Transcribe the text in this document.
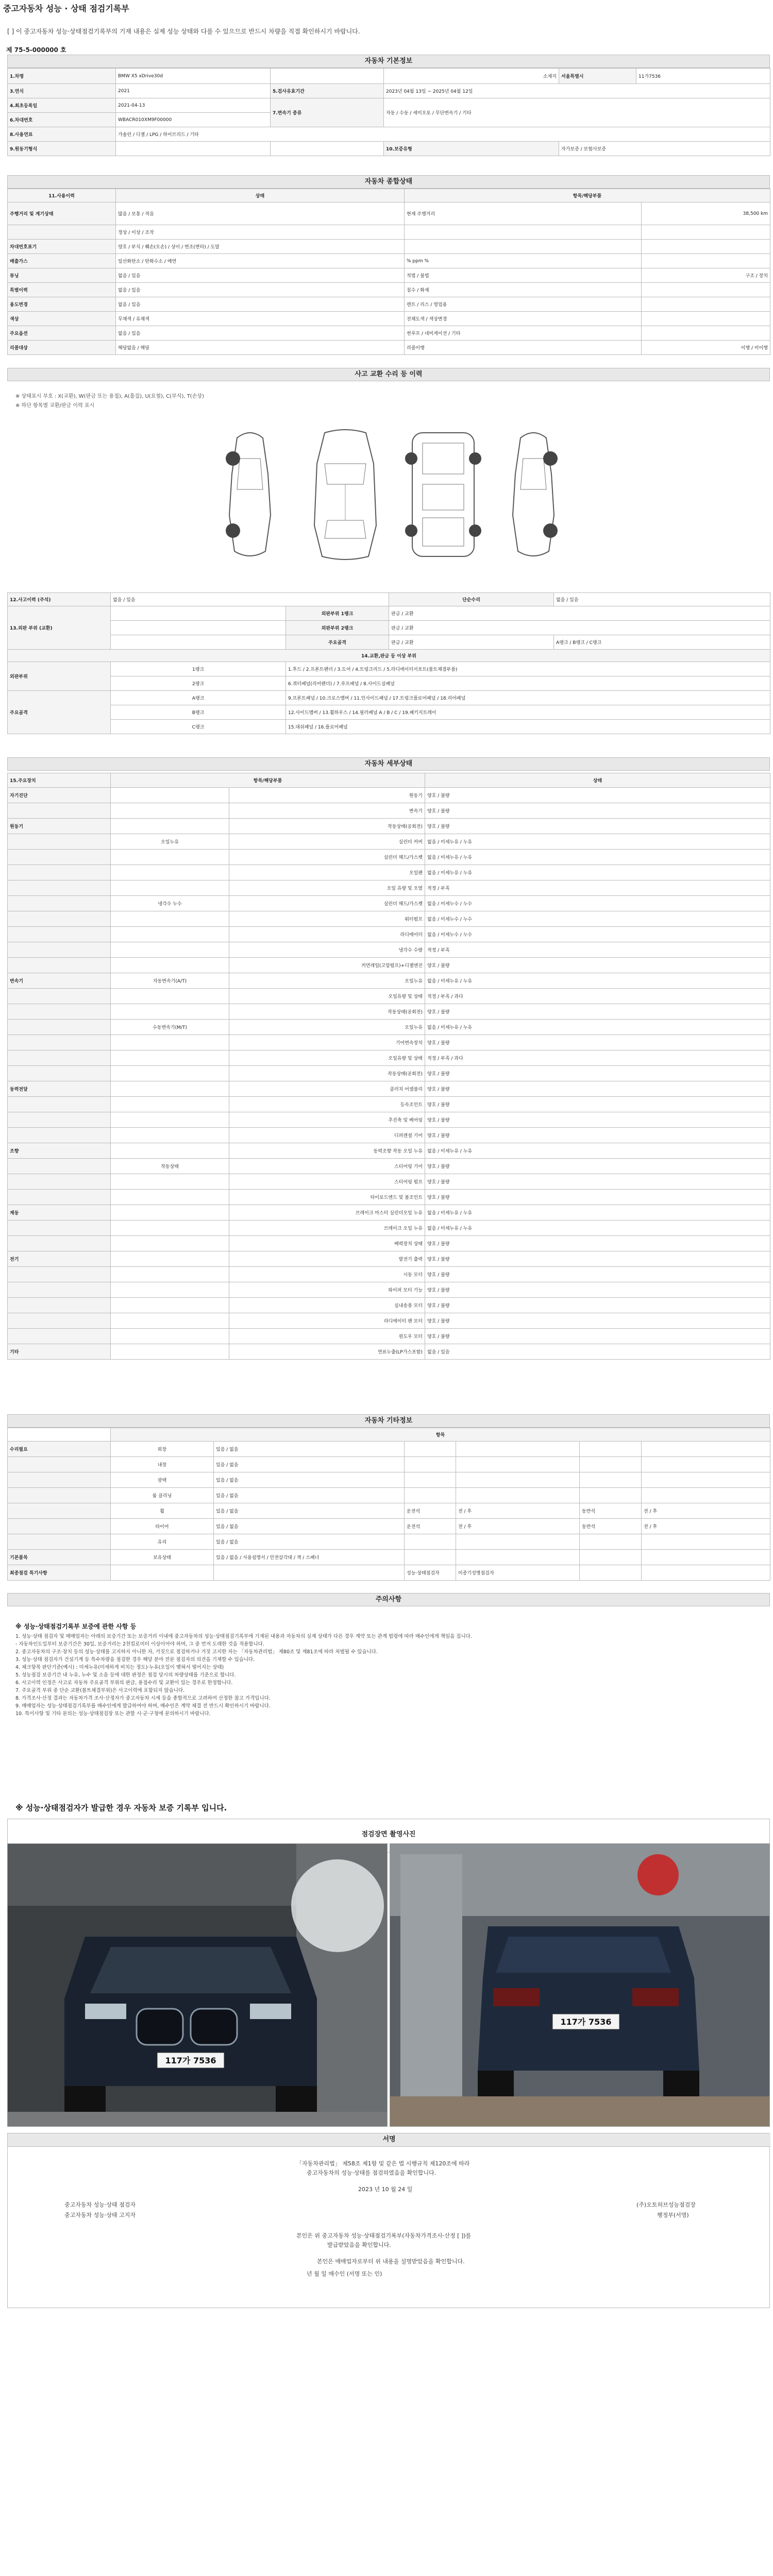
중고자동차 성능 · 상태 점검기록부
[ ] 이 중고자동차 성능·상태점검기록부의 기재 내용은 실제 성능 상태와 다를 수 있으므로 반드시 차량을 직접 확인하시기 바랍니다.
제 75-5-000000 호
자동차 기본정보
1.차명	BMW X5 xDrive30d		소재지	서울특별시	11가7536
3.연식	2021	5.검사유효기간	2023년 04월 13일 ~ 2025년 04월 12일		
4.최초등록일	2021-04-13	7.변속기 종류	자동 / 수동 / 세미오토 / 무단변속기 / 기타		
6.차대번호	WBACR010XM9F00000				
8.사용연료	가솔린 / 디젤 / LPG / 하이브리드 / 기타				
9.원동기형식			10.보증유형	자가보증 / 보험사보증	
자동차 종합상태
11.사용이력	상태	항목/해당부품	
주행거리 및 계기상태	많음 / 보통 / 적음	현재 주행거리	38,500 km
	정상 / 이상 / 조작		
차대번호표기	양호 / 부식 / 훼손(오손) / 상이 / 변조(변타) / 도말		
배출가스	일산화탄소 / 탄화수소 / 매연	% ppm %	
튜닝	없음 / 있음	적법 / 불법	구조 / 장치
특별이력	없음 / 있음	침수 / 화재	
용도변경	없음 / 있음	렌트 / 리스 / 영업용	
색상	무채색 / 유채색	전체도색 / 색상변경	
주요옵션	없음 / 있음	썬루프 / 네비게이션 / 기타	
리콜대상	해당없음 / 해당	리콜이행	이행 / 미이행
사고 교환 수리 등 이력
※ 상태표시 부호 : X(교환), W(판금 또는 용접), A(흠집), U(요철), C(부식), T(손상)
※ 하단 항목별 교환/판금 이력 표시
12.사고이력 (주석)	없음 / 있음		단순수리	없음 / 있음
13.외판 부위 (교환)		외판부위 1랭크	판금 / 교환	
		외판부위 2랭크	판금 / 교환	
		주요골격	판금 / 교환	A랭크 / B랭크 / C랭크
14.교환,판금 등 이상 부위				
외판부위	1랭크	1.후드 / 2.프론트펜더 / 3.도어 / 4.트렁크리드 / 5.라디에이터서포트(볼트체결부품)		
	2랭크	6.쿼터패널(리어펜더) / 7.루프패널 / 8.사이드실패널		
주요골격	A랭크	9.프론트패널 / 10.크로스멤버 / 11.인사이드패널 / 17.트렁크플로어패널 / 18.리어패널		
	B랭크	12.사이드멤버 / 13.휠하우스 / 14.필러패널 A / B / C / 19.패키지트레이		
	C랭크	15.대쉬패널 / 16.플로어패널		
자동차 세부상태
15.주요장치	항목/해당부품		상태
자기진단		원동기	양호 / 불량
		변속기	양호 / 불량
원동기		작동상태(공회전)	양호 / 불량
	오일누유	실린더 커버	없음 / 미세누유 / 누유
		실린더 헤드/가스켓	없음 / 미세누유 / 누유
		오일팬	없음 / 미세누유 / 누유
		오일 유량 및 오염	적정 / 부족
	냉각수 누수	실린더 헤드/가스켓	없음 / 미세누수 / 누수
		워터펌프	없음 / 미세누수 / 누수
		라디에이터	없음 / 미세누수 / 누수
		냉각수 수량	적정 / 부족
		커먼레일(고압펌프)+디젤엔진	양호 / 불량
변속기	자동변속기(A/T)	오일누유	없음 / 미세누유 / 누유
		오일유량 및 상태	적정 / 부족 / 과다
		작동상태(공회전)	양호 / 불량
	수동변속기(M/T)	오일누유	없음 / 미세누유 / 누유
		기어변속장치	양호 / 불량
		오일유량 및 상태	적정 / 부족 / 과다
		작동상태(공회전)	양호 / 불량
동력전달		클러치 어셈블리	양호 / 불량
		등속조인트	양호 / 불량
		추진축 및 베어링	양호 / 불량
		디퍼렌셜 기어	양호 / 불량
조향		동력조향 작동 오일 누유	없음 / 미세누유 / 누유
	작동상태	스티어링 기어	양호 / 불량
		스티어링 펌프	양호 / 불량
		타이로드엔드 및 볼조인트	양호 / 불량
제동		브레이크 마스터 실린더오일 누유	없음 / 미세누유 / 누유
		브레이크 오일 누유	없음 / 미세누유 / 누유
		배력장치 상태	양호 / 불량
전기		발전기 출력	양호 / 불량
		시동 모터	양호 / 불량
		와이퍼 모터 기능	양호 / 불량
		실내송풍 모터	양호 / 불량
		라디에이터 팬 모터	양호 / 불량
		윈도우 모터	양호 / 불량
기타		연료누출(LP가스포함)	없음 / 있음
자동차 기타정보
	항목					
수리필요	외장	있음 / 없음				
	내장	있음 / 없음				
	광택	있음 / 없음				
	룸 클리닝	있음 / 없음				
	휠	있음 / 없음	운전석	전 / 후	동반석	전 / 후
	타이어	있음 / 없음	운전석	전 / 후	동반석	전 / 후
	유리	있음 / 없음				
기본품목	보유상태	있음 / 없음 / 사용설명서 / 안전삼각대 / 잭 / 스패너				
최종점검 특기사항			성능·상태점검자	이종기성명점검자		
주의사항
※ 성능·상태점검기록부 보증에 관한 사항 등

1. 성능·상태 점검자 및 매매업자는 아래의 보증기간 또는 보증거리 이내에 중고자동차의 성능·상태점검기록부에 기재된 내용과 자동차의 실제 상태가 다른 경우 계약 또는 관계 법령에 따라 매수인에게 책임을 집니다.

- 자동차인도일부터 보증기간은 30일, 보증거리는 2천킬로미터 이상이어야 하며, 그 중 먼저 도래한 것을 적용합니다.

2. 중고자동차의 구조·장치 등의 성능·상태를 고지하지 아니한 자, 거짓으로 점검하거나 거짓 고지한 자는 「자동차관리법」 제80조 및 제81조에 따라 처벌될 수 있습니다.

3. 성능·상태 점검자가 건설기계 등 특수차량을 점검한 경우 해당 분야 전문 점검자의 의견을 기재할 수 있습니다.

4. 체크항목 판단기준(예시) : 미세누유(미세하게 비치는 정도)·누유(오일이 맺혀서 떨어지는 상태)

5. 성능점검 보증기간 내 누유, 누수 및 소음 등에 대한 판정은 점검 당시의 차량상태를 기준으로 합니다.

6. 사고이력 인정은 사고로 자동차 주요골격 부위의 판금, 용접수리 및 교환이 있는 경우로 한정합니다.

7. 주요골격 부위 중 단순 교환(볼트체결부위)은 사고이력에 포함되지 않습니다.

8. 가격조사·산정 결과는 자동차가격 조사·산정자가 중고자동차 시세 등을 종합적으로 고려하여 산정한 참고 가격입니다.

9. 매매업자는 성능·상태점검기록부를 매수인에게 발급하여야 하며, 매수인은 계약 체결 전 반드시 확인하시기 바랍니다.

10. 특이사항 및 기타 문의는 성능·상태점검장 또는 관할 시·군·구청에 문의하시기 바랍니다.

※ 성능·상태점검자가 발급한 경우 자동차 보증 기록부 입니다.
점검장면 촬영사진
117가 7536
117가 7536
서명
「자동차관리법」 제58조 제1항 및 같은 법 시행규칙 제120조에 따라
중고자동차의 성능·상태를 점검하였음을 확인합니다.
2023 년 10 월 24 일
중고자동차 성능·상태 점검자	(주)오토허브성능점검장
중고자동차 성능·상태 고지자	행정부(서명)
본인은 위 중고자동차 성능·상태점검기록부(자동차가격조사·산정 [ ])를
발급받았음을 확인합니다.
본인은 매매업자로부터 위 내용을 설명받았음을 확인합니다.
년 월 일 매수인 (서명 또는 인)
